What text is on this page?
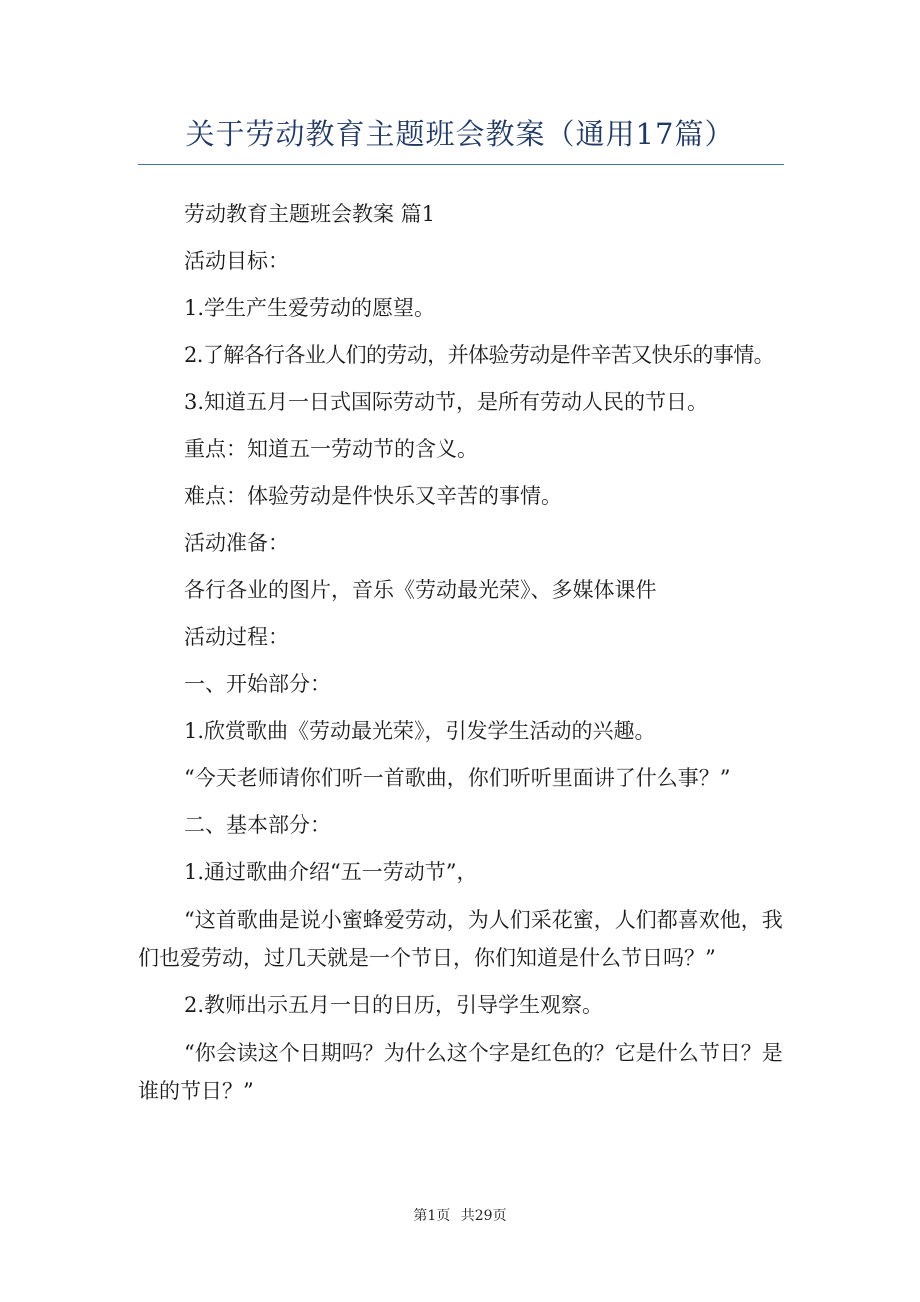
关于劳动教育主题班会教案（通用17篇）

劳动教育主题班会教案 篇1

活动目标：

1.学生产生爱劳动的愿望。

2.了解各行各业人们的劳动，并体验劳动是件辛苦又快乐的事情。

3.知道五月一日式国际劳动节，是所有劳动人民的节日。

重点：知道五一劳动节的含义。

难点：体验劳动是件快乐又辛苦的事情。

活动准备：

各行各业的图片，音乐《劳动最光荣》、多媒体课件

活动过程：

一、开始部分：

1.欣赏歌曲《劳动最光荣》，引发学生活动的兴趣。

“今天老师请你们听一首歌曲，你们听听里面讲了什么事？”

二、基本部分：

1.通过歌曲介绍“五一劳动节”，

“这首歌曲是说小蜜蜂爱劳动，为人们采花蜜，人们都喜欢他，我们也爱劳动，过几天就是一个节日，你们知道是什么节日吗？”

2.教师出示五月一日的日历，引导学生观察。

“你会读这个日期吗？为什么这个字是红色的？它是什么节日？是谁的节日？”

第1页 共29页
